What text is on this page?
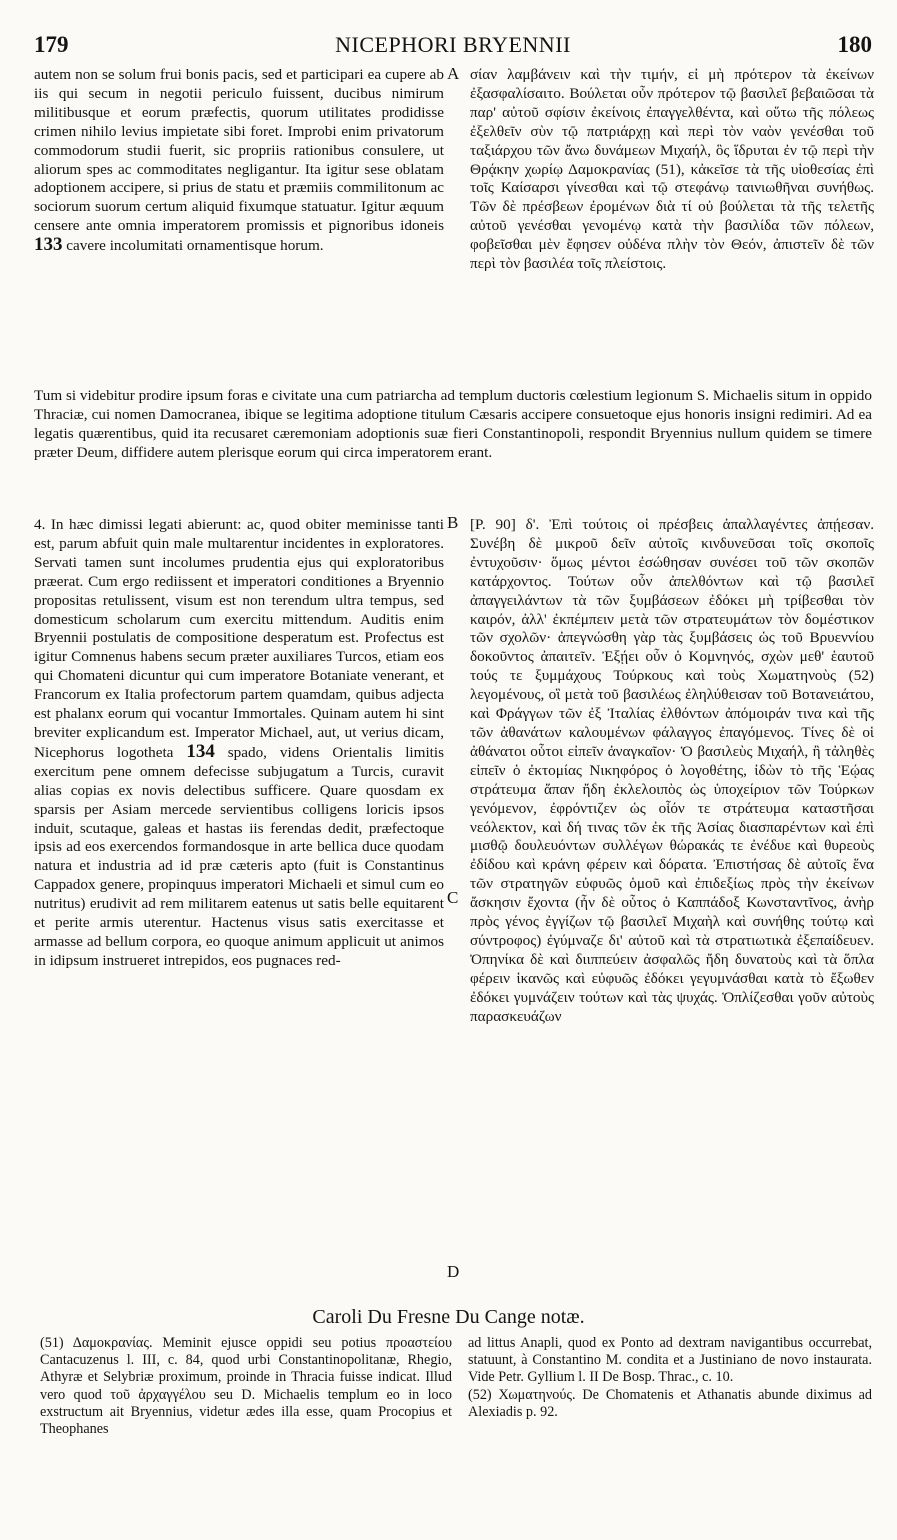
179	NICEPHORI BRYENNII	180
A
B
C
D

autem non se solum frui bonis pacis, sed et participari ea cupere ab iis qui secum in negotii periculo fuissent, ducibus nimirum militibusque et eorum præfectis, quorum utilitates prodidisse crimen nihilo levius impietate sibi foret. Improbi enim privatorum commodorum studii fuerit, sic propriis rationibus consulere, ut aliorum spes ac commoditates negligantur. Ita igitur sese oblatam adoptionem accipere, si prius de statu et præmiis commilitonum ac sociorum suorum certum aliquid fixumque statuatur. Igitur æquum censere ante omnia imperatorem promissis et pignoribus idoneis 133 cavere incolumitati ornamentisque horum.

σίαν λαμβάνειν καὶ τὴν τιμήν, εἰ μὴ πρότερον τὰ ἐκείνων ἐξασφαλίσαιτο. Βούλεται οὖν πρότερον τῷ βασιλεῖ βεβαιῶσαι τὰ παρ' αὐτοῦ σφίσιν ἐκείνοις ἐπαγγελθέντα, καὶ οὕτω τῆς πόλεως ἐξελθεῖν σὺν τῷ πατριάρχῃ καὶ περὶ τὸν ναὸν γενέσθαι τοῦ ταξιάρχου τῶν ἄνω δυνάμεων Μιχαήλ, ὃς ἵδρυται ἐν τῷ περὶ τὴν Θρᾴκην χωρίῳ Δαμοκρανίας (51), κἀκεῖσε τὰ τῆς υἱοθεσίας ἐπὶ τοῖς Καίσαρσι γίνεσθαι καὶ τῷ στεφάνῳ ταινιωθῆναι συνήθως. Τῶν δὲ πρέσβεων ἐρομένων διὰ τί οὐ βούλεται τὰ τῆς τελετῆς αὐτοῦ γενέσθαι γενομένῳ κατὰ τὴν βασιλίδα τῶν πόλεων, φοβεῖσθαι μὲν ἔφησεν οὐδένα πλὴν τὸν Θεόν, ἀπιστεῖν δὲ τῶν περὶ τὸν βασιλέα τοῖς πλείστοις.

Tum si videbitur prodire ipsum foras e civitate una cum patriarcha ad templum ductoris cœlestium legionum S. Michaelis situm in oppido Thraciæ, cui nomen Damocranea, ibique se legitima adoptione titulum Cæsaris accipere consuetoque ejus honoris insigni redimiri. Ad ea legatis quærentibus, quid ita recusaret cæremoniam adoptionis suæ fieri Constantinopoli, respondit Bryennius nullum quidem se timere præter Deum, diffidere autem plerisque eorum qui circa imperatorem erant.

4. In hæc dimissi legati abierunt: ac, quod obiter meminisse tanti est, parum abfuit quin male multarentur incidentes in exploratores. Servati tamen sunt incolumes prudentia ejus qui exploratoribus præerat. Cum ergo rediissent et imperatori conditiones a Bryennio propositas retulissent, visum est non terendum ultra tempus, sed domesticum scholarum cum exercitu mittendum. Auditis enim Bryennii postulatis de compositione desperatum est. Profectus est igitur Comnenus habens secum præter auxiliares Turcos, etiam eos qui Chomateni dicuntur qui cum imperatore Botaniate venerant, et Francorum ex Italia profectorum partem quamdam, quibus adjecta est phalanx eorum qui vocantur Immortales. Quinam autem hi sint breviter explicandum est. Imperator Michael, aut, ut verius dicam, Nicephorus logotheta 134 spado, videns Orientalis limitis exercitum pene omnem defecisse subjugatum a Turcis, curavit alias copias ex novis delectibus sufficere. Quare quosdam ex sparsis per Asiam mercede servientibus colligens loricis ipsos induit, scutaque, galeas et hastas iis ferendas dedit, præfectoque ipsis ad eos exercendos formandosque in arte bellica duce quodam natura et industria ad id præ cæteris apto (fuit is Constantinus Cappadox genere, propinquus imperatori Michaeli et simul cum eo nutritus) erudivit ad rem militarem eatenus ut satis belle equitarent et perite armis uterentur. Hactenus visus satis exercitasse et armasse ad bellum corpora, eo quoque animum applicuit ut animos in idipsum instrueret intrepidos, eos pugnaces red-

[P. 90] δ'. Ἐπὶ τούτοις οἱ πρέσβεις ἀπαλλαγέντες ἀπῄεσαν. Συνέβη δὲ μικροῦ δεῖν αὐτοῖς κινδυνεῦσαι τοῖς σκοποῖς ἐντυχοῦσιν· ὅμως μέντοι ἐσώθησαν συνέσει τοῦ τῶν σκοπῶν κατάρχοντος. Τούτων οὖν ἀπελθόντων καὶ τῷ βασιλεῖ ἀπαγγειλάντων τὰ τῶν ξυμβάσεων ἐδόκει μὴ τρίβεσθαι τὸν καιρόν, ἀλλ' ἐκπέμπειν μετὰ τῶν στρατευμάτων τὸν δομέστικον τῶν σχολῶν· ἀπεγνώσθη γὰρ τὰς ξυμβάσεις ὡς τοῦ Βρυεννίου δοκοῦντος ἀπαιτεῖν. Ἐξῄει οὖν ὁ Κομνηνός, σχὼν μεθ' ἑαυτοῦ τούς τε ξυμμάχους Τούρκους καὶ τοὺς Χωματηνοὺς (52) λεγομένους, οἳ μετὰ τοῦ βασιλέως ἐληλύθεισαν τοῦ Βοτανειάτου, καὶ Φράγγων τῶν ἐξ Ἰταλίας ἐλθόντων ἀπόμοιράν τινα καὶ τῆς τῶν ἀθανάτων καλουμένων φάλαγγος ἐπαγόμενος. Τίνες δὲ οἱ ἀθάνατοι οὗτοι εἰπεῖν ἀναγκαῖον· Ὁ βασιλεὺς Μιχαήλ, ἢ τἀληθὲς εἰπεῖν ὁ ἐκτομίας Νικηφόρος ὁ λογοθέτης, ἰδὼν τὸ τῆς Ἑῴας στράτευμα ἅπαν ἤδη ἐκλελοιπὸς ὡς ὑποχείριον τῶν Τούρκων γενόμενον, ἐφρόντιζεν ὡς οἷόν τε στράτευμα καταστῆσαι νεόλεκτον, καὶ δή τινας τῶν ἐκ τῆς Ἀσίας διασπαρέντων καὶ ἐπὶ μισθῷ δουλευόντων συλλέγων θώρακάς τε ἐνέδυε καὶ θυρεοὺς ἐδίδου καὶ κράνη φέρειν καὶ δόρατα. Ἐπιστήσας δὲ αὐτοῖς ἕνα τῶν στρατηγῶν εὐφυῶς ὁμοῦ καὶ ἐπιδεξίως πρὸς τὴν ἐκείνων ἄσκησιν ἔχοντα (ἦν δὲ οὗτος ὁ Καππάδοξ Κωνσταντῖνος, ἀνὴρ πρὸς γένος ἐγγίζων τῷ βασιλεῖ Μιχαὴλ καὶ συνήθης τούτῳ καὶ σύντροφος) ἐγύμναζε δι' αὐτοῦ καὶ τὰ στρατιωτικὰ ἐξεπαίδευεν. Ὀπηνίκα δὲ καὶ διιππεύειν ἀσφαλῶς ἤδη δυνατοὺς καὶ τὰ ὅπλα φέρειν ἱκανῶς καὶ εὐφυῶς ἐδόκει γεγυμνάσθαι κατὰ τὸ ἔξωθεν ἐδόκει γυμνάζειν τούτων καὶ τὰς ψυχάς. Ὁπλίζεσθαι γοῦν αὐτοὺς παρασκευάζων

Caroli Du Fresne Du Cange notæ.

(51) Δαμοκρανίας. Meminit ejusce oppidi seu potius προαστείου Cantacuzenus l. III, c. 84, quod urbi Constantinopolitanæ, Rhegio, Athyræ et Selybriæ proximum, proinde in Thracia fuisse indicat. Illud vero quod τοῦ ἀρχαγγέλου seu D. Michaelis templum eo in loco exstructum ait Bryennius, videtur ædes illa esse, quam Procopius et Theophanes

ad littus Anapli, quod ex Ponto ad dextram navigantibus occurrebat, statuunt, à Constantino M. condita et a Justiniano de novo instaurata. Vide Petr. Gyllium l. II De Bosp. Thrac., c. 10.

(52) Χωματηνούς. De Chomatenis et Athanatis abunde diximus ad Alexiadis p. 92.
